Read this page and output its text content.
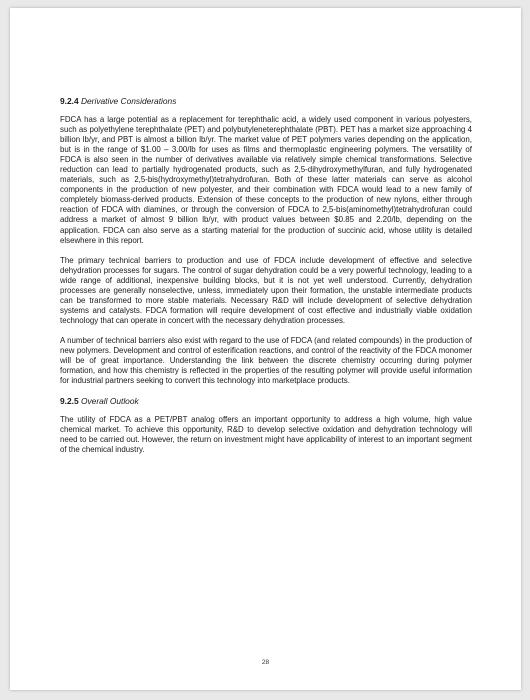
9.2.4 Derivative Considerations

FDCA has a large potential as a replacement for terephthalic acid, a widely used component in various polyesters, such as polyethylene terephthalate (PET) and polybutyleneterephthalate (PBT). PET has a market size approaching 4 billion lb/yr, and PBT is almost a billion lb/yr. The market value of PET polymers varies depending on the application, but is in the range of $1.00 – 3.00/lb for uses as films and thermoplastic engineering polymers. The versatility of FDCA is also seen in the number of derivatives available via relatively simple chemical transformations. Selective reduction can lead to partially hydrogenated products, such as 2,5-dihydroxymethylfuran, and fully hydrogenated materials, such as 2,5-bis(hydroxymethyl)tetrahydrofuran. Both of these latter materials can serve as alcohol components in the production of new polyester, and their combination with FDCA would lead to a new family of completely biomass-derived products. Extension of these concepts to the production of new nylons, either through reaction of FDCA with diamines, or through the conversion of FDCA to 2,5-bis(aminomethyl)tetrahydrofuran could address a market of almost 9 billion lb/yr, with product values between $0.85 and 2.20/lb, depending on the application. FDCA can also serve as a starting material for the production of succinic acid, whose utility is detailed elsewhere in this report.

The primary technical barriers to production and use of FDCA include development of effective and selective dehydration processes for sugars. The control of sugar dehydration could be a very powerful technology, leading to a wide range of additional, inexpensive building blocks, but it is not yet well understood. Currently, dehydration processes are generally nonselective, unless, immediately upon their formation, the unstable intermediate products can be transformed to more stable materials. Necessary R&D will include development of selective dehydration systems and catalysts. FDCA formation will require development of cost effective and industrially viable oxidation technology that can operate in concert with the necessary dehydration processes.

A number of technical barriers also exist with regard to the use of FDCA (and related compounds) in the production of new polymers. Development and control of esterification reactions, and control of the reactivity of the FDCA monomer will be of great importance. Understanding the link between the discrete chemistry occurring during polymer formation, and how this chemistry is reflected in the properties of the resulting polymer will provide useful information for industrial partners seeking to convert this technology into marketplace products.

9.2.5 Overall Outlook

The utility of FDCA as a PET/PBT analog offers an important opportunity to address a high volume, high value chemical market. To achieve this opportunity, R&D to develop selective oxidation and dehydration technology will need to be carried out. However, the return on investment might have applicability of interest to an important segment of the chemical industry.

28
